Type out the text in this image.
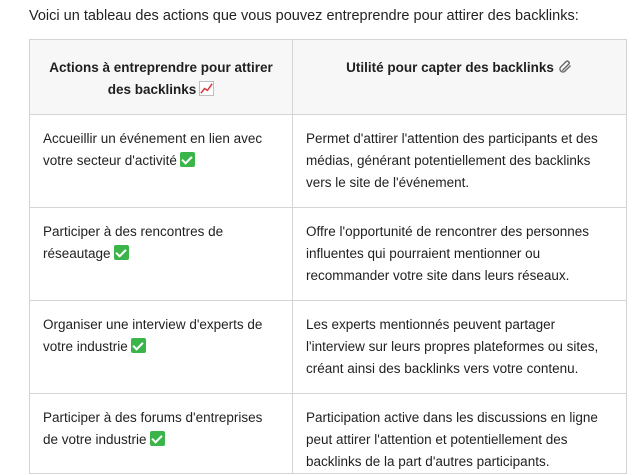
Voici un tableau des actions que vous pouvez entreprendre pour attirer des backlinks:
Actions à entreprendre pour attirer des backlinks	Utilité pour capter des backlinks
Accueillir un événement en lien avec votre secteur d'activité	Permet d'attirer l'attention des participants et des médias, générant potentiellement des backlinks vers le site de l'événement.
Participer à des rencontres de réseautage	Offre l'opportunité de rencontrer des personnes influentes qui pourraient mentionner ou recommander votre site dans leurs réseaux.
Organiser une interview d'experts de votre industrie	Les experts mentionnés peuvent partager l'interview sur leurs propres plateformes ou sites, créant ainsi des backlinks vers votre contenu.
Participer à des forums d'entreprises de votre industrie	Participation active dans les discussions en ligne peut attirer l'attention et potentiellement des backlinks de la part d'autres participants.
